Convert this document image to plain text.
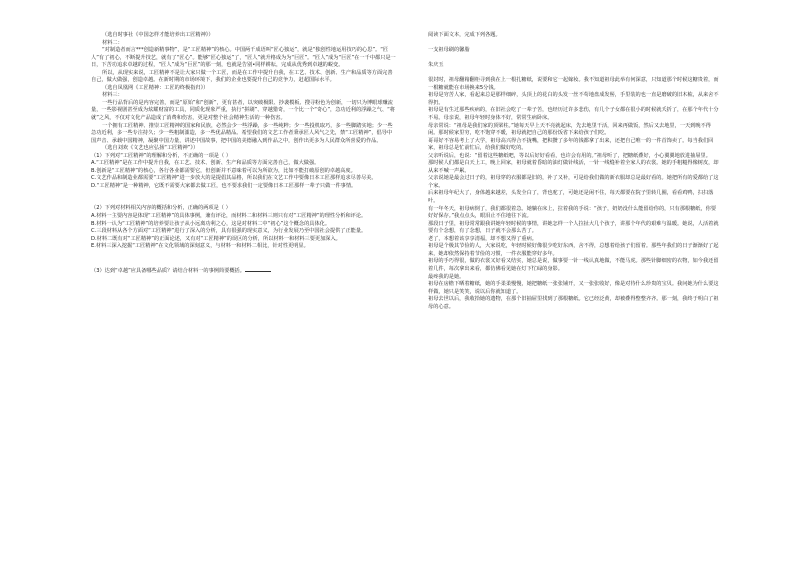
（选自时事社《中国怎样才能培养出工匠精神》）

材料二：

“对制造者而言***创造新精事物”，是“工匠精神”的核心。中国两千成语叫“匠心独运”，就是“独创性地运用技巧的心思”。“匠人”有了初心，不断提升技艺，就有了“匠心”。能够“匠心独运”了，“匠人”就升格成为为“巨匠”。“匠人”成为“巨匠”在一千中都只是一日，下苦功追求卓越的过程，“匠人”成为“巨匠”的那一刻，也就是告别•同样耕耘，完成从优秀到卓越的蜕变。

所以，从现实来说，工匠精神不是让大家只做一个工匠，而是在工作中提升自我，在工艺、技术、创新、生产和品质等方面完善自己，做大做强，创造卓越。在新时期的市场环境下，我们的企业也要提升自己的竞争力，赶超国际水平。

（选自凤凰网《工匠精神：工匠的终极指归》）

材料三：

一些行品背后的是内容完善，而是“原始”和“创新”，更有甚者，以突破极限、抄袭模板、搜寻粉色为创新，一切只为博眼球赚流量，一些影视剧甚至成为炫耀财富的工具，同质化现象严重，执行“拼刷”、穿越猎奇，一个比一个“奇心”，急功近利的浮躁之气、“将就”之风，不仅对文化产品造成了消费和伤害，更是对整个社会精神生活的一种伤害。

一个拥有工匠精神、推崇工匠精神的国家和民族，必然会少一些浮躁，多一些纯粹；少一些投机取巧，多一些脚踏实地；少一些急功近利，多一些专注持久；少一些粗制滥造，多一些优品精品。希望我们的文艺工作者秉承匠人风气之先，禁“工匠精神”，倡导中国声音、承载中国精神，凝聚中国力量，讲述中国故事，把中国的美德融入到作品之中，创作出更多为人民群众所喜爱的作品。

（选自刘欢《文艺也应弘扬“工匠精神”》）

（1）下列对“工匠精神”的理解和分析，不正确的一项是（ ）

A.“工匠精神”是在工作中提升自我，在工艺、技术、创新、生产和品质等方面完善自己，做大做强。

B.创新是“工匠精神”的核心，各行各业都需要它，但创新并不意味着可以为所欲为，比如不能打破原创的卓越高度。

C.文艺作品和制造业都需要“工匠精神”进一步放大的是提倡其品格，所以我们在文艺工作中要像日本工匠那样追求尽善尽美。

D.“工匠精神”是一种精神，它既不需要大家都去做工匠，也不要求我们一定要像日本工匠那样一辈子只做一件事情。

（2）下列对材料相关内容的概括和分析，正确的两项是（ ）

A.材料一主要内容是体现“工匠精神”的具体事例，兼有评论，而材料二和材料三则只有对“工匠精神”的理性分析和评论。

B.材料一认为“工匠精神”的培养要让孩子从小远离功利之心，这是对材料二中“初心”这个概念的具体化。

C.三段材料从各个方面对“工匠精神”进行了深入的分析，具有很强的现实意义，为行业发展乃至中国社会提供了正能量。

D.材料二既有对“工匠精神”的正面论述，又有对“工匠精神”的误区的分析，所以材料一和材料三要更加深入。

E.材料三深入挖掘“工匠精神”在文化领域的深刻意义，与材料一和材料二相比，针对性更明显。

（3）达到“卓越”应具备哪些品质？请结合材料一的事例简要概括。

阅读下面文本，完成下列各题。

一支祖母刷的馨脂

朱庆玉

很封时，祖母翻箱翻柜寻到我在上一根扎糖纸，说要和它一起嫁妆。我不知道祖母此举有何深意，只知道那个时候这糖贵着，而一根糖就能在市场换来5分钱。

祖母是穷苦人家，看起来总是那样细碎，头顶上的花白的头发一丝不苟地盘成发髻，手里装的也一直是磨破的旧木梳，从来舍不得扔。

祖母是有生过那些疾病的，在旧社会吃了一辈子苦，也经历过许多悲伤，有几个子女都在很小的时候就夭折了，在那个年代十分不易。母亲说，祖母年轻时身体不好，常常生病卧床。

母亲常说：“祖母是我们家的顶梁柱。”她每天早上天不亮就起床，先去地里干活，回来再做饭，然后又去地里，一天到晚不得闲。那时候家里穷，吃不饱穿不暖，祖母就把自己的那份饭省下来给孩子们吃。

哥哥好不容易考上了大学，祖母高兴得合不拢嘴，把积攒了多年的钱都拿了出来，还把自己唯一的一件首饰卖了。每当我们回家，祖母总是忙前忙后，给我们做好吃的。

父亲听说后，也说：“留着这些糖纸吧，等以后好好看看，也许会有用的。”祖母听了，把糖纸叠好，小心翼翼地放进抽屉里。

那时候人们都是白天上工，晚上回家，祖母就着昏暗的油灯做针线活，一针一线缝补着全家人的衣裳。她的手粗糙得像树皮，却从来不喊一声累。

父亲说她是最会过日子的，祖母穿的衣服都是旧的，补了又补，可是给我们做的新衣服却总是最好看的。她把所有的爱都给了这个家。

后来祖母年纪大了，身体越来越差，头发全白了，背也驼了，可她还是闲不住，每天都要在院子里转几圈，看看鸡鸭，扫扫落叶。

有一年冬天，祖母病倒了，我们都很着急。她躺在床上，拉着我的手说：“孩子，奶奶没什么能留给你的，只有那根糖纸，你要好好保存。”我点点头，眼泪止不住地往下流。

那段日子里，祖母常常跟我讲她年轻时候的事情，讲她怎样一个人拉扯大几个孩子，讲那个年代的艰难与温暖。她说，人活着就要有个念想，有了念想，日子就不会那么苦了。

老了，本想着该享享清福，却不想又得了重病。

祖母是个极其节俭的人，大家说吃，年轻时候好像很少吃好东西，舍不得，总想着给孩子们留着。那些年我们的日子渐渐好了起来，她却依然保持着节俭的习惯，一件衣服能穿好多年。

祖母的手巧得很，做的衣裳又好看又结实，她总是说，做事要一针一线认真地做，不能马虎。那些针脚细密的衣物，如今我还留着几件，每次拿出来看，都仿佛看见她在灯下忙碌的身影。

最疼我的是她。

祖母在房檐下晒着糖纸，她的手柔柔慢慢，她把糖纸一张张铺开，又一张张收好，像是对待什么珍贵的宝贝。我问她为什么要这样做，她只是笑笑，说以后你就知道了。

祖母去世以后，我收拾她的遗物，在那个旧抽屉里找到了那根糖纸。它已经泛黄，却被叠得整整齐齐。那一刻，我终于明白了祖母的心意。
